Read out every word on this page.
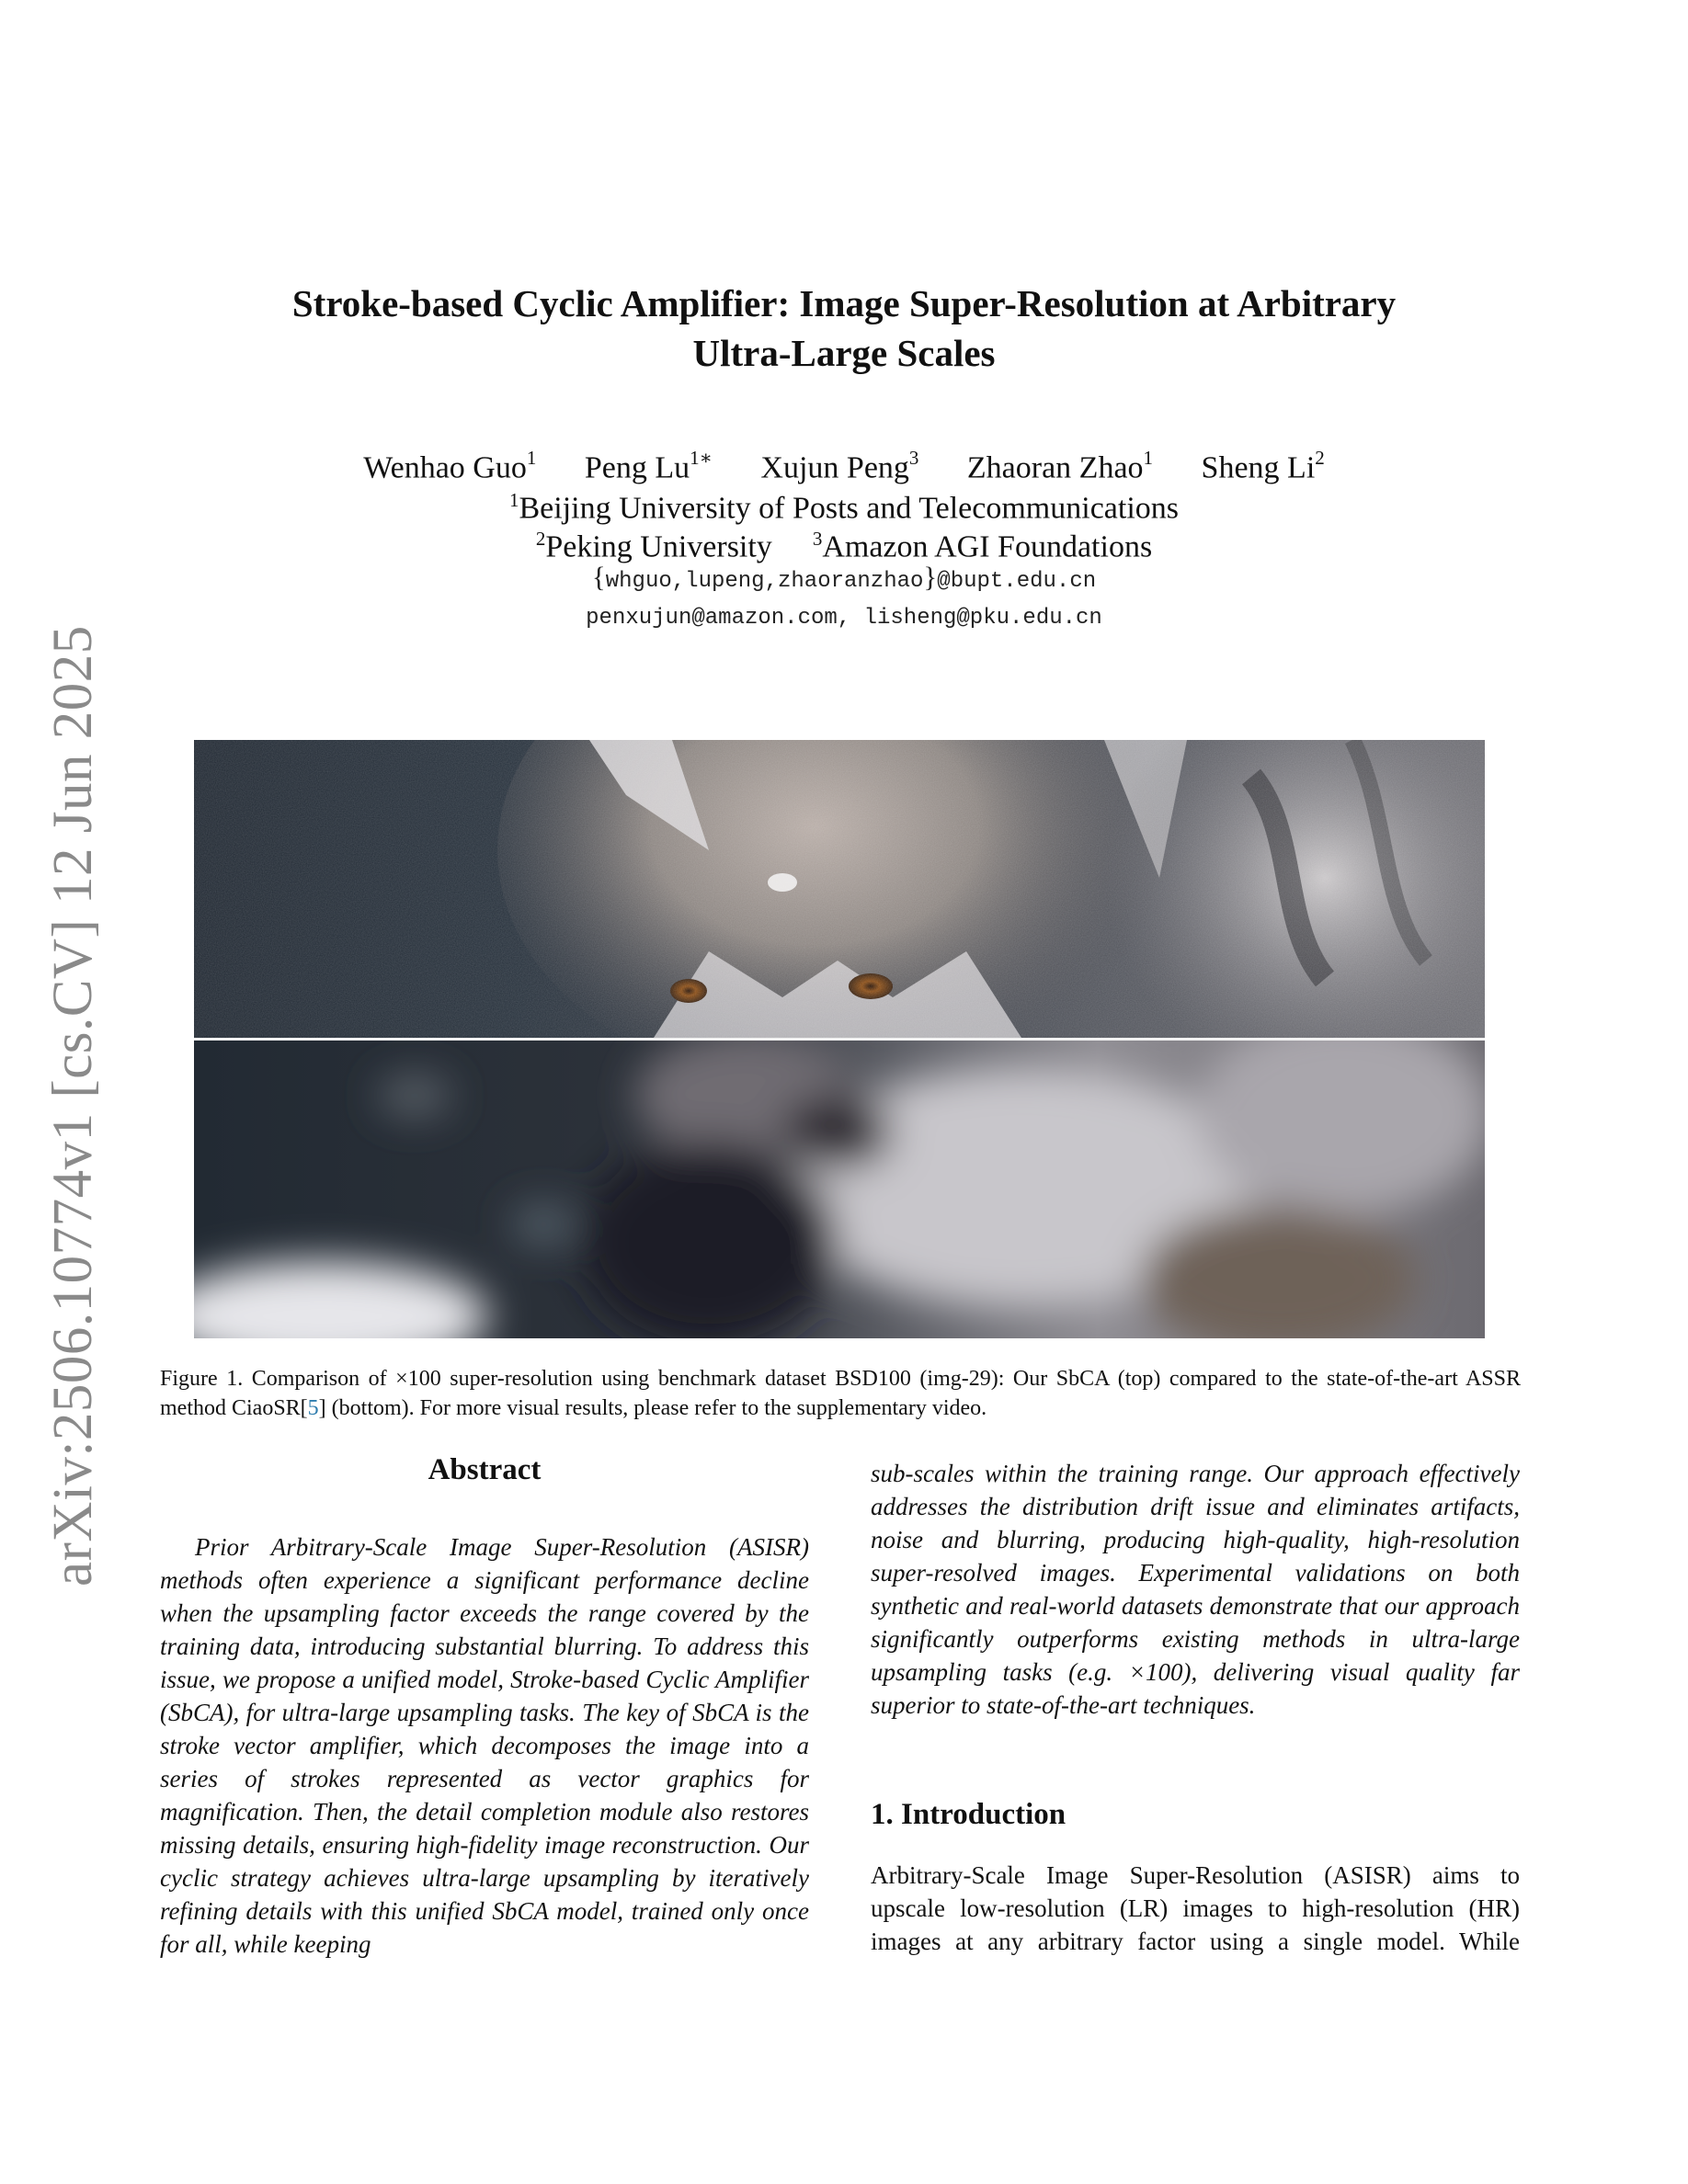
arXiv:2506.10774v1 [cs.CV] 12 Jun 2025
Stroke-based Cyclic Amplifier: Image Super-Resolution at Arbitrary
Ultra-Large Scales
Wenhao Guo$^1$ Peng $Lu^{1∗}$ Xujun Peng$^3$ Zhaoran Zhao$^1$ Sheng Li$^2$
$^1$Beijing University of Posts and Telecommunications
$^2$Peking University $^3$Amazon AGI Foundations
{whguo,lupeng,zhaoranzhao}@bupt.edu.cn
penxujun@amazon.com, lisheng@pku.edu.cn
Figure 1. Comparison of ×100 super-resolution using benchmark dataset BSD100 (img-29): Our SbCA (top) compared to the state-of-the-art ASSR method CiaoSR[5] (bottom). For more visual results, please refer to the supplementary video.
Abstract
Prior Arbitrary-Scale Image Super-Resolution (ASISR) methods often experience a significant performance decline when the upsampling factor exceeds the range covered by the training data, introducing substantial blurring. To address this issue, we propose a unified model, Stroke-based Cyclic Amplifier (SbCA), for ultra-large upsampling tasks. The key of SbCA is the stroke vector amplifier, which decomposes the image into a series of strokes represented as vector graphics for magnification. Then, the detail completion module also restores missing details, ensuring high-fidelity image reconstruction. Our cyclic strategy achieves ultra-large upsampling by iteratively refining details with this unified SbCA model, trained only once for all, while keeping
sub-scales within the training range. Our approach effectively addresses the distribution drift issue and eliminates artifacts, noise and blurring, producing high-quality, high-resolution super-resolved images. Experimental validations on both synthetic and real-world datasets demonstrate that our approach significantly outperforms existing methods in ultra-large upsampling tasks (e.g. ×100), delivering visual quality far superior to state-of-the-art techniques.
1. Introduction
Arbitrary-Scale Image Super-Resolution (ASISR) aims to upscale low-resolution (LR) images to high-resolution (HR) images at any arbitrary factor using a single model. While
